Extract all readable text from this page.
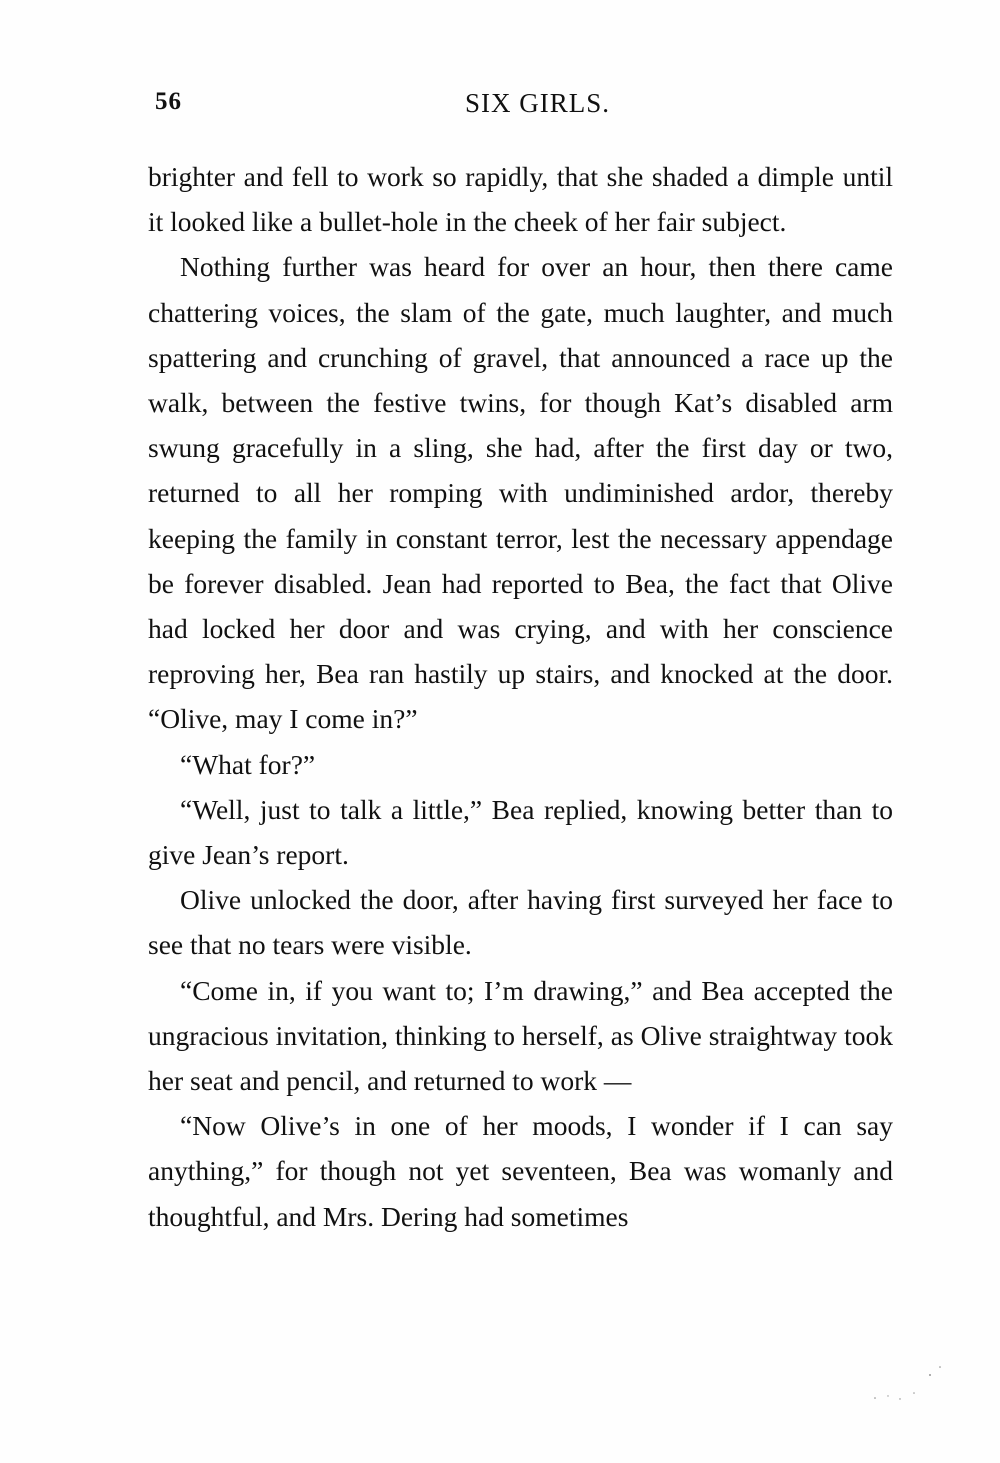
56	SIX GIRLS.

brighter and fell to work so rapidly, that she shaded a dimple until it looked like a bullet-hole in the cheek of her fair subject.

Nothing further was heard for over an hour, then there came chattering voices, the slam of the gate, much laughter, and much spattering and crunching of gravel, that announced a race up the walk, between the festive twins, for though Kat’s disabled arm swung gracefully in a sling, she had, after the first day or two, returned to all her romping with undiminished ardor, thereby keeping the family in constant terror, lest the necessary appendage be forever disabled. Jean had reported to Bea, the fact that Olive had locked her door and was crying, and with her conscience reproving her, Bea ran hastily up stairs, and knocked at the door. “Olive, may I come in?”

“What for?”

“Well, just to talk a little,” Bea replied, knowing better than to give Jean’s report.

Olive unlocked the door, after having first surveyed her face to see that no tears were visible.

“Come in, if you want to; I’m drawing,” and Bea accepted the ungracious invitation, thinking to herself, as Olive straightway took her seat and pencil, and returned to work —

“Now Olive’s in one of her moods, I wonder if I can say anything,” for though not yet seventeen, Bea was womanly and thoughtful, and Mrs. Dering had sometimes
